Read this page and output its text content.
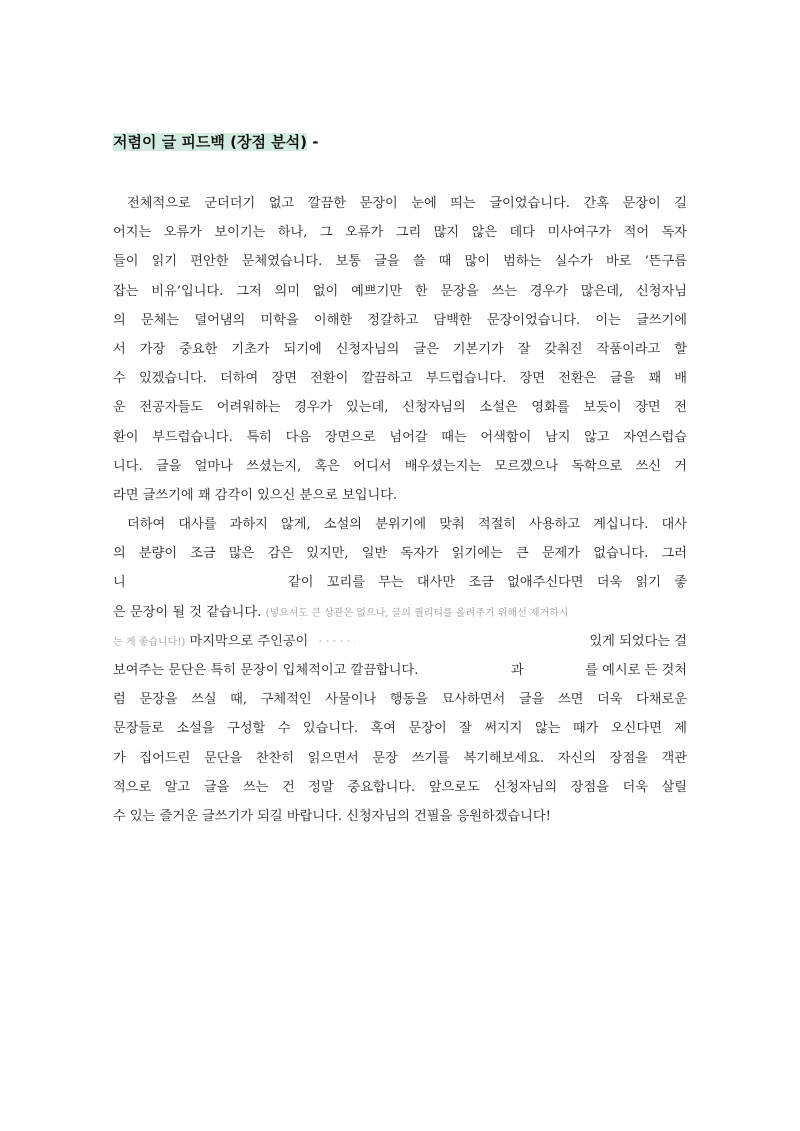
저렴이 글 피드백 (장점 분석) -
전체적으로 군더더기 없고 깔끔한 문장이 눈에 띄는 글이었습니다. 간혹 문장이 길
어지는 오류가 보이기는 하나, 그 오류가 그리 많지 않은 데다 미사여구가 적어 독자
들이 읽기 편안한 문체였습니다. 보통 글을 쓸 때 많이 범하는 실수가 바로 ‘뜬구름
잡는 비유’입니다. 그저 의미 없이 예쁘기만 한 문장을 쓰는 경우가 많은데, 신청자님
의 문체는 덜어냄의 미학을 이해한 정갈하고 담백한 문장이었습니다. 이는 글쓰기에
서 가장 중요한 기초가 되기에 신청자님의 글은 기본기가 잘 갖춰진 작품이라고 할
수 있겠습니다. 더하여 장면 전환이 깔끔하고 부드럽습니다. 장면 전환은 글을 꽤 배
운 전공자들도 어려워하는 경우가 있는데, 신청자님의 소설은 영화를 보듯이 장면 전
환이 부드럽습니다. 특히 다음 장면으로 넘어갈 때는 어색함이 남지 않고 자연스럽습
니다. 글을 얼마나 쓰셨는지, 혹은 어디서 배우셨는지는 모르겠으나 독학으로 쓰신 거
라면 글쓰기에 꽤 감각이 있으신 분으로 보입니다.
더하여 대사를 과하지 않게, 소설의 분위기에 맞춰 적절히 사용하고 계십니다. 대사
의 분량이 조금 많은 감은 있지만, 일반 독자가 읽기에는 큰 문제가 없습니다. 그러
니	같이 꼬리를 무는 대사만 조금 없애주신다면 더욱 읽기 좋
은 문장이 될 것 같습니다. (넣으셔도 큰 상관은 없으나, 글의 퀄리티를 올려주기 위해선 제거하시
는 게 좋습니다!) 마지막으로 주인공이	있게 되었다는 걸
보여주는 문단은 특히 문장이 입체적이고 깔끔합니다.	과	를 예시로 든 것처
럼 문장을 쓰실 때, 구체적인 사물이나 행동을 묘사하면서 글을 쓰면 더욱 다채로운
문장들로 소설을 구성할 수 있습니다. 혹여 문장이 잘 써지지 않는 때가 오신다면 제
가 집어드린 문단을 찬찬히 읽으면서 문장 쓰기를 복기해보세요. 자신의 장점을 객관
적으로 알고 글을 쓰는 건 정말 중요합니다. 앞으로도 신청자님의 장점을 더욱 살릴
수 있는 즐거운 글쓰기가 되길 바랍니다. 신청자님의 건필을 응원하겠습니다!
